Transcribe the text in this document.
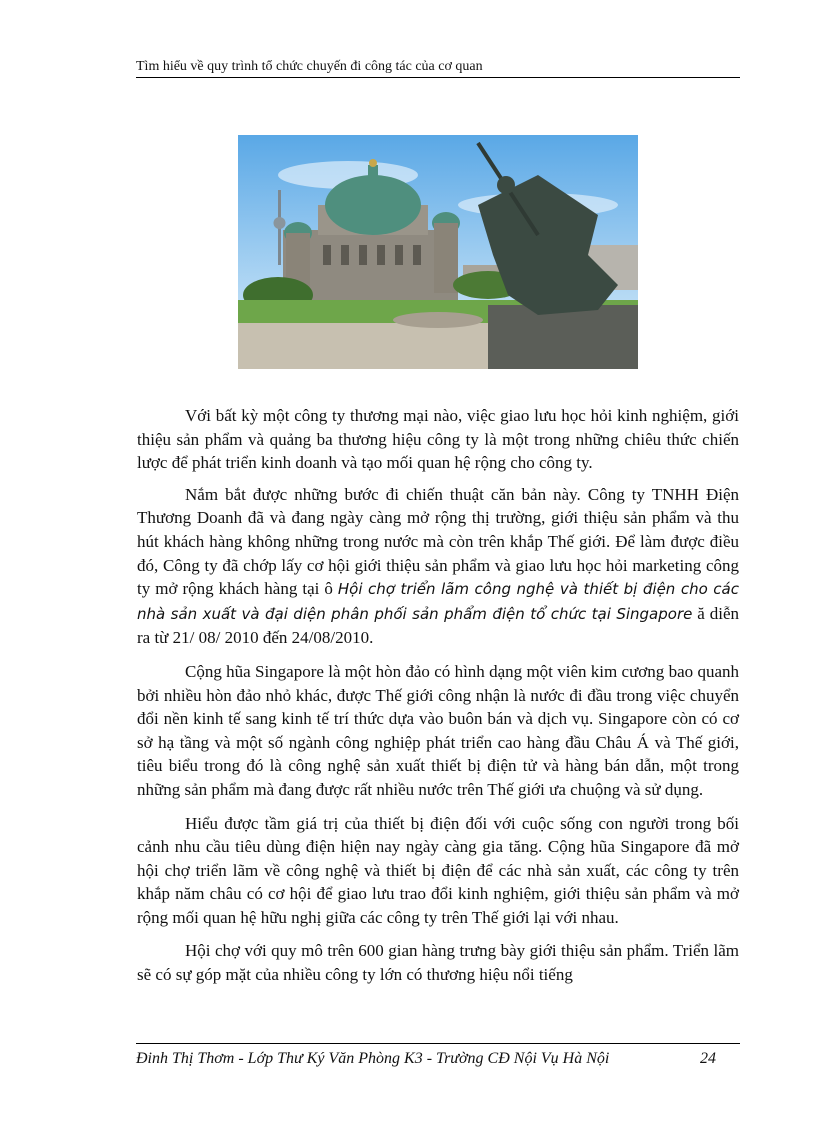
Tìm hiểu về quy trình tổ chức chuyến đi công tác của cơ quan

Với bất kỳ một công ty thương mại nào, việc giao lưu học hỏi kinh nghiệm, giới thiệu sản phẩm và quảng ba thương hiệu công ty là một trong những chiêu thức chiến lược để phát triển kinh doanh và tạo mối quan hệ rộng cho công ty.

Nắm bắt được những bước đi chiến thuật căn bản này. Công ty TNHH Điện Thương Doanh đã và đang ngày càng mở rộng thị trường, giới thiệu sản phẩm và thu hút khách hàng không những trong nước mà còn trên khắp Thế giới. Để làm được điều đó, Công ty đã chớp lấy cơ hội giới thiệu sản phẩm và giao lưu học hỏi marketing công ty mở rộng khách hàng tại ô Hội chợ triển lãm công nghệ và thiết bị điện cho các nhà sản xuất và đại diện phân phối sản phẩm điện tổ chức tại Singapore ă diễn ra từ 21/ 08/ 2010 đến 24/08/2010.

Cộng hũa Singapore là một hòn đảo có hình dạng một viên kim cương bao quanh bởi nhiều hòn đảo nhỏ khác, được Thế giới công nhận là nước đi đầu trong việc chuyển đổi nền kinh tế sang kinh tế trí thức dựa vào buôn bán và dịch vụ. Singapore còn có cơ sở hạ tầng và một số ngành công nghiệp phát triển cao hàng đầu Châu Á và Thế giới, tiêu biểu trong đó là công nghệ sản xuất thiết bị điện tử và hàng bán dẫn, một trong những sản phẩm mà đang được rất nhiều nước trên Thế giới ưa chuộng và sử dụng.

Hiểu được tầm giá trị của thiết bị điện đối với cuộc sống con người trong bối cảnh nhu cầu tiêu dùng điện hiện nay ngày càng gia tăng. Cộng hũa Singapore đã mở hội chợ triển lãm về công nghệ và thiết bị điện để các nhà sản xuất, các công ty trên khắp năm châu có cơ hội để giao lưu trao đổi kinh nghiệm, giới thiệu sản phẩm và mở rộng mối quan hệ hữu nghị giữa các công ty trên Thế giới lại với nhau.

Hội chợ với quy mô trên 600 gian hàng trưng bày giới thiệu sản phẩm. Triển lãm sẽ có sự góp mặt của nhiều công ty lớn có thương hiệu nổi tiếng

Đinh Thị Thơm - Lớp Thư Ký Văn Phòng K3 - Trường CĐ Nội Vụ Hà Nội	24
